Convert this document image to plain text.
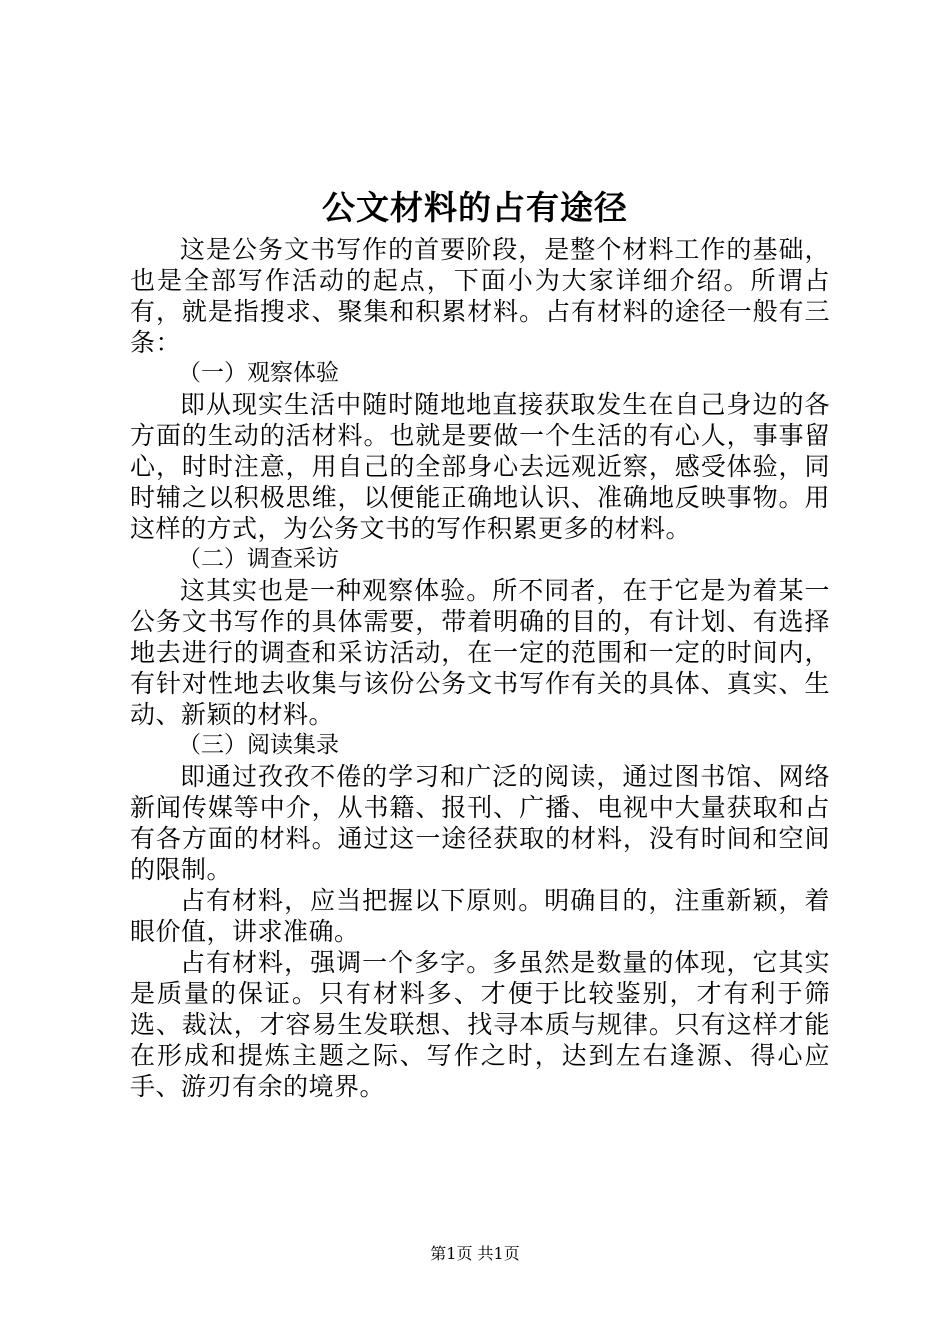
公文材料的占有途径

这是公务文书写作的首要阶段，是整个材料工作的基础，也是全部写作活动的起点，下面小为大家详细介绍。所谓占有，就是指搜求、聚集和积累材料。占有材料的途径一般有三条：

（一）观察体验

即从现实生活中随时随地地直接获取发生在自己身边的各方面的生动的活材料。也就是要做一个生活的有心人，事事留心，时时注意，用自己的全部身心去远观近察，感受体验，同时辅之以积极思维，以便能正确地认识、准确地反映事物。用这样的方式，为公务文书的写作积累更多的材料。

（二）调查采访

这其实也是一种观察体验。所不同者，在于它是为着某一公务文书写作的具体需要，带着明确的目的，有计划、有选择地去进行的调查和采访活动，在一定的范围和一定的时间内，有针对性地去收集与该份公务文书写作有关的具体、真实、生动、新颖的材料。

（三）阅读集录

即通过孜孜不倦的学习和广泛的阅读，通过图书馆、网络新闻传媒等中介，从书籍、报刊、广播、电视中大量获取和占有各方面的材料。通过这一途径获取的材料，没有时间和空间的限制。

占有材料，应当把握以下原则。明确目的，注重新颖，着眼价值，讲求准确。

占有材料，强调一个多字。多虽然是数量的体现，它其实是质量的保证。只有材料多、才便于比较鉴别，才有利于筛选、裁汰，才容易生发联想、找寻本质与规律。只有这样才能在形成和提炼主题之际、写作之时，达到左右逢源、得心应手、游刃有余的境界。

第1页 共1页
